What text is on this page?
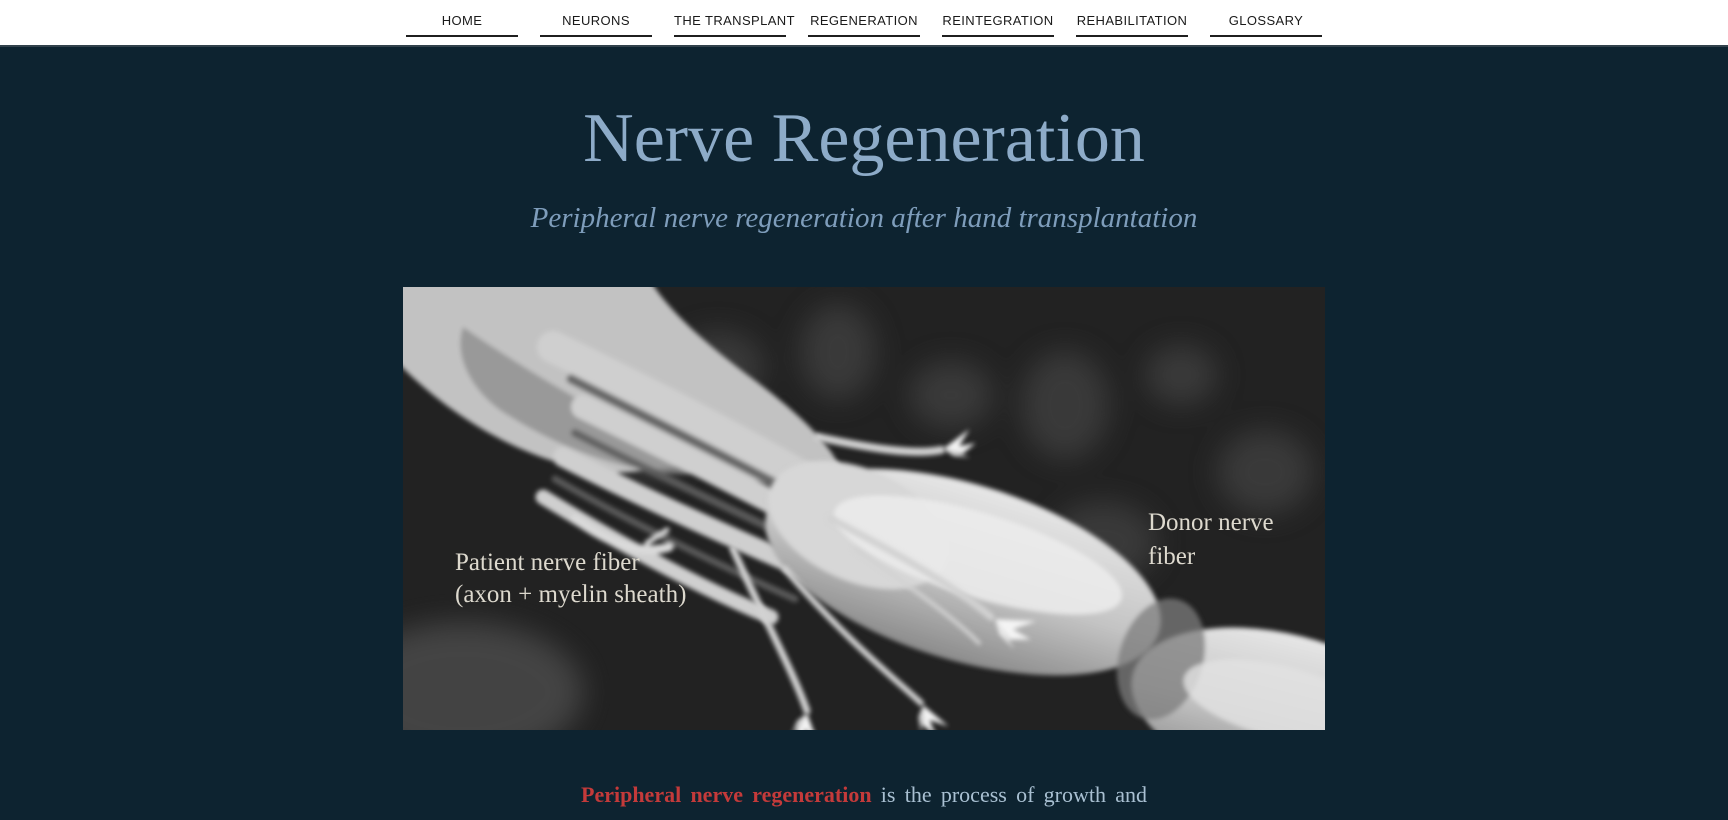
HOME	NEURONS	THE TRANSPLANT REGENERATION REINTEGRATION REHABILITATION	GLOSSARY
Nerve Regeneration
Peripheral nerve regeneration after hand transplantation
Patient nerve fiber
(axon + myelin sheath)
Donor nerve
fiber

Peripheral nerve regeneration is the process of growth and
